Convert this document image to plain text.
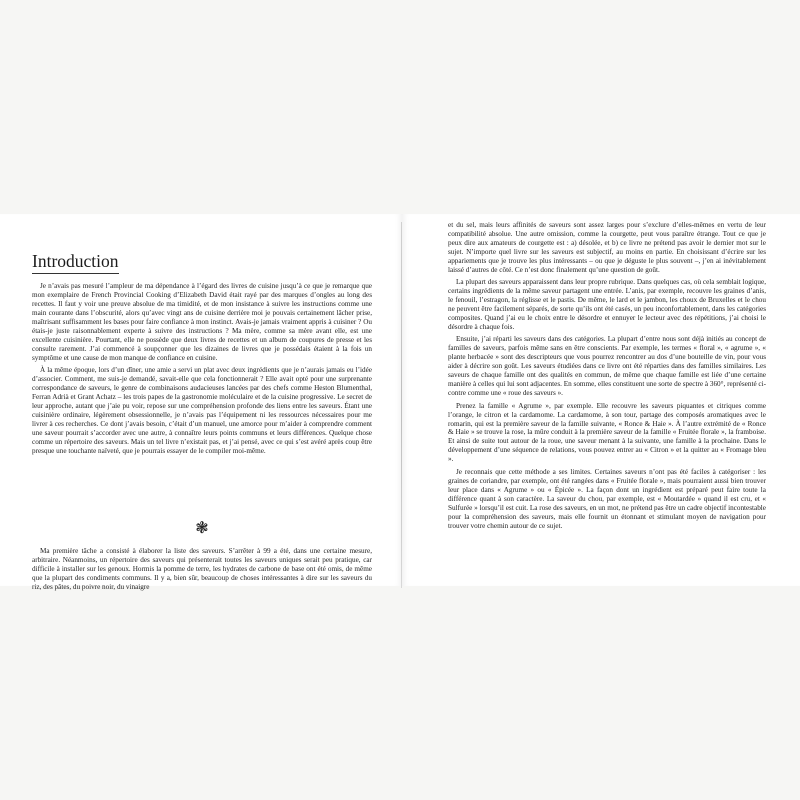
Introduction

Je n’avais pas mesuré l’ampleur de ma dépendance à l’égard des livres de cuisine jusqu’à ce que je remarque que mon exemplaire de French Provincial Cooking d’Elizabeth David était rayé par des marques d’ongles au long des recettes. Il faut y voir une preuve absolue de ma timidité, et de mon insistance à suivre les instructions comme une main courante dans l’obscurité, alors qu’avec vingt ans de cuisine derrière moi je pouvais certainement lâcher prise, maîtrisant suffisamment les bases pour faire confiance à mon instinct. Avais-je jamais vraiment appris à cuisiner ? Ou étais-je juste raisonnablement experte à suivre des instructions ? Ma mère, comme sa mère avant elle, est une excellente cuisinière. Pourtant, elle ne possède que deux livres de recettes et un album de coupures de presse et les consulte rarement. J’ai commencé à soupçonner que les dizaines de livres que je possédais étaient à la fois un symptôme et une cause de mon manque de confiance en cuisine.

À la même époque, lors d’un dîner, une amie a servi un plat avec deux ingrédients que je n’aurais jamais eu l’idée d’associer. Comment, me suis-je demandé, savait-elle que cela fonctionnerait ? Elle avait opté pour une surprenante correspondance de saveurs, le genre de combinaisons audacieuses lancées par des chefs comme Heston Blumenthal, Ferran Adrià et Grant Achatz – les trois papes de la gastronomie moléculaire et de la cuisine progressive. Le secret de leur approche, autant que j’aie pu voir, repose sur une compréhension profonde des liens entre les saveurs. Étant une cuisinière ordinaire, légèrement obsessionnelle, je n’avais pas l’équipement ni les ressources nécessaires pour me livrer à ces recherches. Ce dont j’avais besoin, c’était d’un manuel, une amorce pour m’aider à comprendre comment une saveur pourrait s’accorder avec une autre, à connaître leurs points communs et leurs différences. Quelque chose comme un répertoire des saveurs. Mais un tel livre n’existait pas, et j’ai pensé, avec ce qui s’est avéré après coup être presque une touchante naïveté, que je pourrais essayer de le compiler moi-même.

❃

Ma première tâche a consisté à élaborer la liste des saveurs. S’arrêter à 99 a été, dans une certaine mesure, arbitraire. Néanmoins, un répertoire des saveurs qui présenterait toutes les saveurs uniques serait peu pratique, car difficile à installer sur les genoux. Hormis la pomme de terre, les hydrates de carbone de base ont été omis, de même que la plupart des condiments communs. Il y a, bien sûr, beaucoup de choses intéressantes à dire sur les saveurs du riz, des pâtes, du poivre noir, du vinaigre

et du sel, mais leurs affinités de saveurs sont assez larges pour s’exclure d’elles-mêmes en vertu de leur compatibilité absolue. Une autre omission, comme la courgette, peut vous paraître étrange. Tout ce que je peux dire aux amateurs de courgette est : a) désolée, et b) ce livre ne prétend pas avoir le dernier mot sur le sujet. N’importe quel livre sur les saveurs est subjectif, au moins en partie. En choisissant d’écrire sur les appariements que je trouve les plus intéressants – ou que je déguste le plus souvent –, j’en ai inévitablement laissé d’autres de côté. Ce n’est donc finalement qu’une question de goût.

La plupart des saveurs apparaissent dans leur propre rubrique. Dans quelques cas, où cela semblait logique, certains ingrédients de la même saveur partagent une entrée. L’anis, par exemple, recouvre les graines d’anis, le fenouil, l’estragon, la réglisse et le pastis. De même, le lard et le jambon, les choux de Bruxelles et le chou ne peuvent être facilement séparés, de sorte qu’ils ont été casés, un peu inconfortablement, dans les catégories composites. Quand j’ai eu le choix entre le désordre et ennuyer le lecteur avec des répétitions, j’ai choisi le désordre à chaque fois.

Ensuite, j’ai réparti les saveurs dans des catégories. La plupart d’entre nous sont déjà initiés au concept de familles de saveurs, parfois même sans en être conscients. Par exemple, les termes « floral », « agrume », « plante herbacée » sont des descripteurs que vous pourrez rencontrer au dos d’une bouteille de vin, pour vous aider à décrire son goût. Les saveurs étudiées dans ce livre ont été réparties dans des familles similaires. Les saveurs de chaque famille ont des qualités en commun, de même que chaque famille est liée d’une certaine manière à celles qui lui sont adjacentes. En somme, elles constituent une sorte de spectre à 360°, représenté ci-contre comme une « roue des saveurs ».

Prenez la famille « Agrume », par exemple. Elle recouvre les saveurs piquantes et citriques comme l’orange, le citron et la cardamome. La cardamome, à son tour, partage des composés aromatiques avec le romarin, qui est la première saveur de la famille suivante, « Ronce & Haie ». À l’autre extrémité de « Ronce & Haie » se trouve la rose, la mûre conduit à la première saveur de la famille « Fruitée florale », la framboise. Et ainsi de suite tout autour de la roue, une saveur menant à la suivante, une famille à la prochaine. Dans le développement d’une séquence de relations, vous pouvez entrer au « Citron » et la quitter au « Fromage bleu ».

Je reconnais que cette méthode a ses limites. Certaines saveurs n’ont pas été faciles à catégoriser : les graines de coriandre, par exemple, ont été rangées dans « Fruitée florale », mais pourraient aussi bien trouver leur place dans « Agrume » ou « Épicée ». La façon dont un ingrédient est préparé peut faire toute la différence quant à son caractère. La saveur du chou, par exemple, est « Moutardée » quand il est cru, et « Sulfurée » lorsqu’il est cuit. La rose des saveurs, en un mot, ne prétend pas être un cadre objectif incontestable pour la compréhension des saveurs, mais elle fournit un étonnant et stimulant moyen de navigation pour trouver votre chemin autour de ce sujet.
